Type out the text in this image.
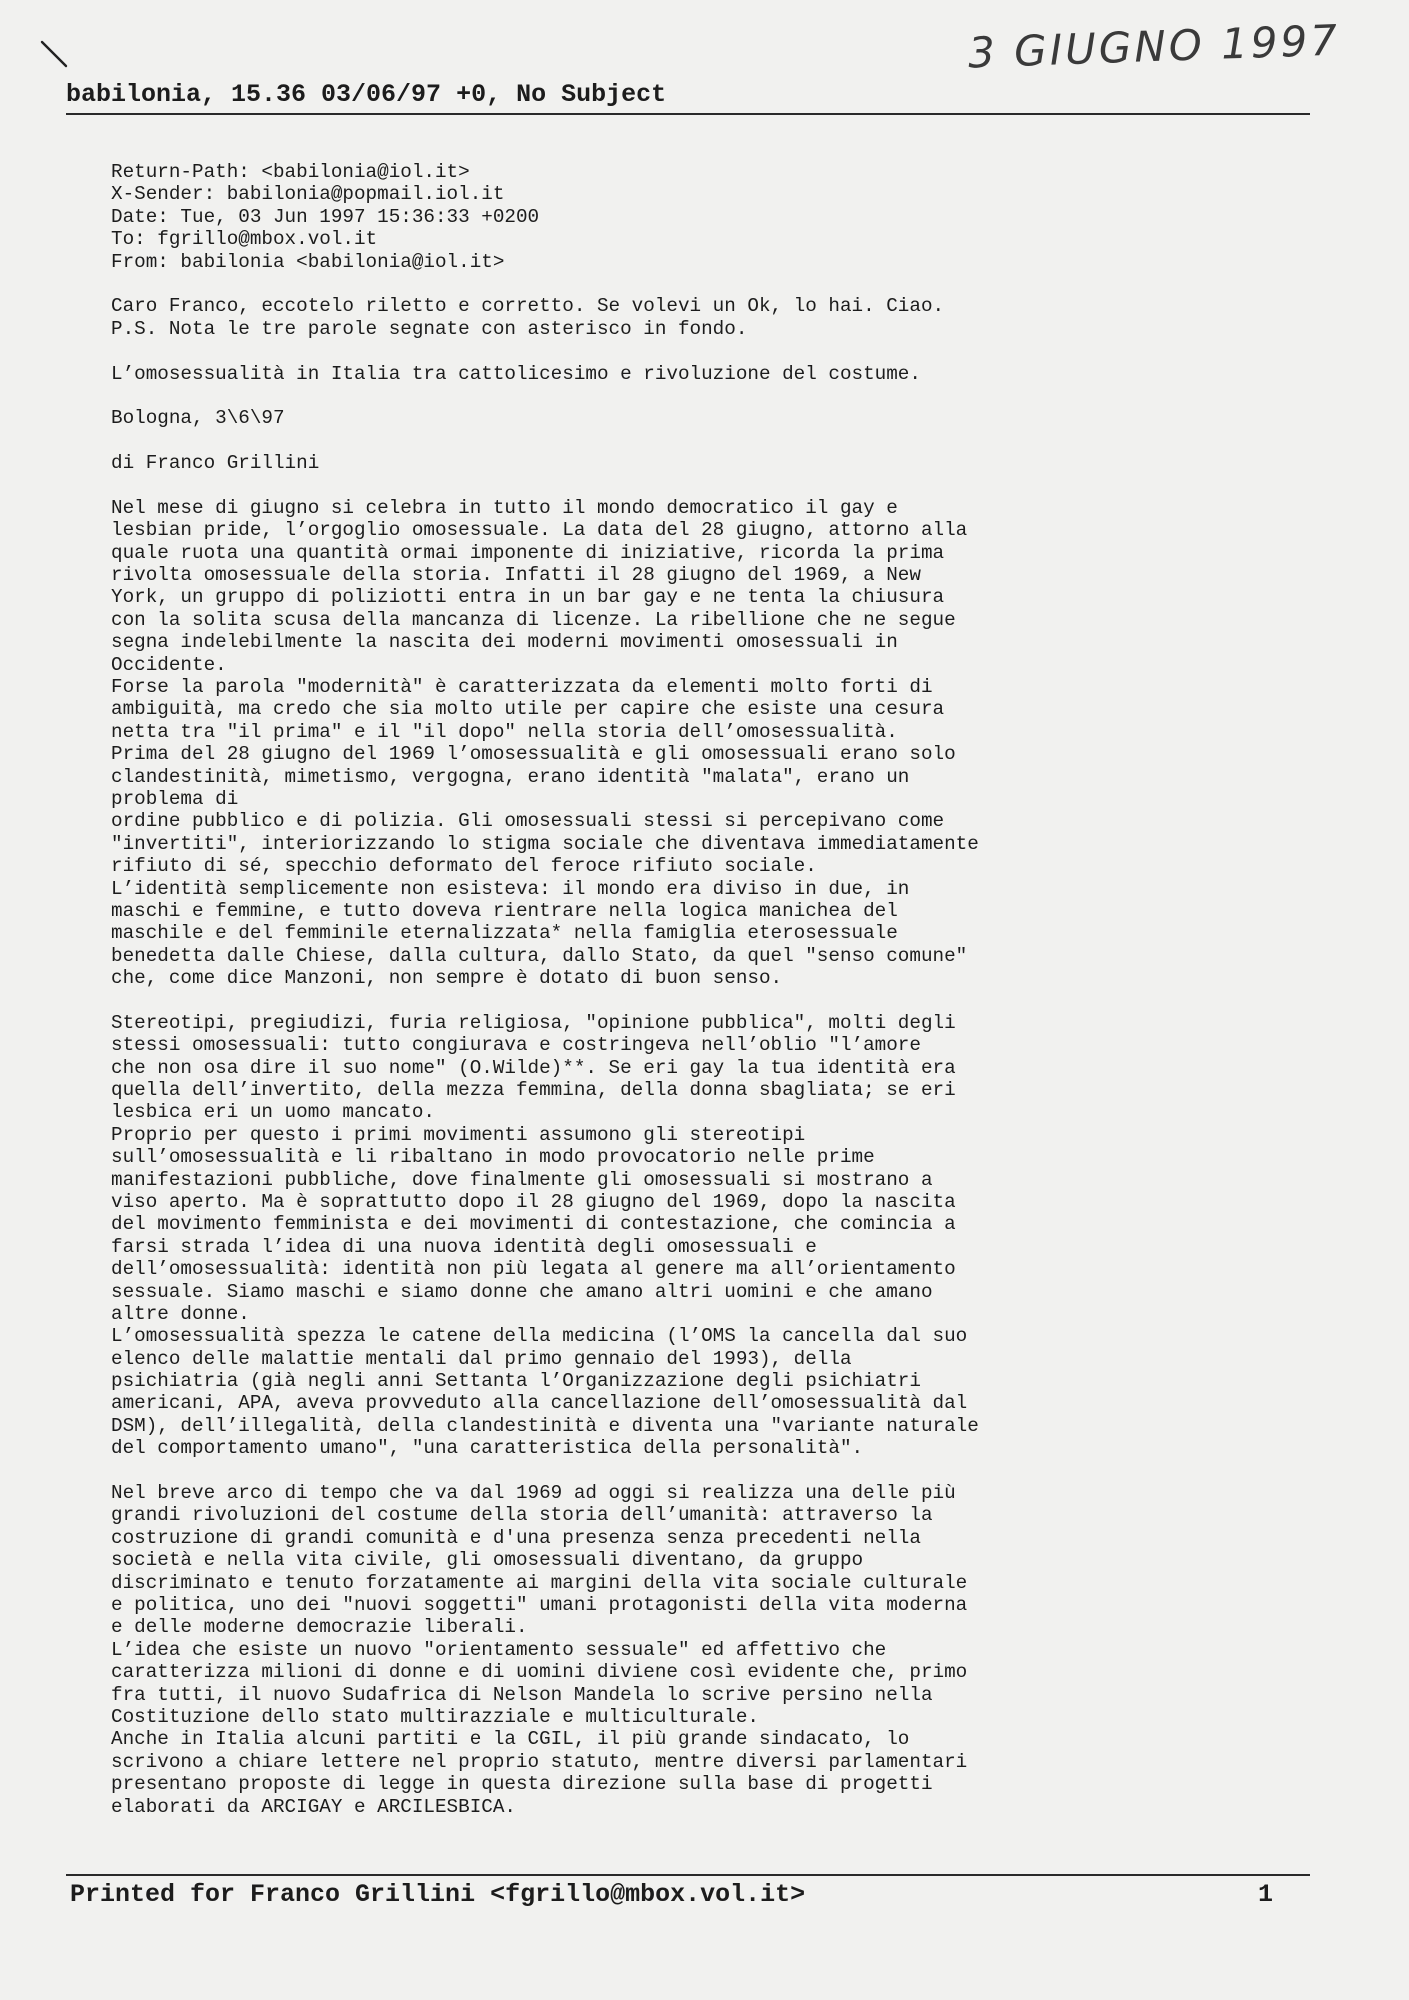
3 GIUGNO 1997
babilonia, 15.36 03/06/97 +0, No Subject
Return-Path: <babilonia@iol.it>
X-Sender: babilonia@popmail.iol.it
Date: Tue, 03 Jun 1997 15:36:33 +0200
To: fgrillo@mbox.vol.it
From: babilonia <babilonia@iol.it>
Caro Franco, eccotelo riletto e corretto. Se volevi un Ok, lo hai. Ciao.
P.S. Nota le tre parole segnate con asterisco in fondo.
L’omosessualità in Italia tra cattolicesimo e rivoluzione del costume.
Bologna, 3\6\97
di Franco Grillini
Nel mese di giugno si celebra in tutto il mondo democratico il gay e
lesbian pride, l’orgoglio omosessuale. La data del 28 giugno, attorno alla
quale ruota una quantità ormai imponente di iniziative, ricorda la prima
rivolta omosessuale della storia. Infatti il 28 giugno del 1969, a New
York, un gruppo di poliziotti entra in un bar gay e ne tenta la chiusura
con la solita scusa della mancanza di licenze. La ribellione che ne segue
segna indelebilmente la nascita dei moderni movimenti omosessuali in
Occidente.
Forse la parola "modernità" è caratterizzata da elementi molto forti di
ambiguità, ma credo che sia molto utile per capire che esiste una cesura
netta tra "il prima" e il "il dopo" nella storia dell’omosessualità.
Prima del 28 giugno del 1969 l’omosessualità e gli omosessuali erano solo
clandestinità, mimetismo, vergogna, erano identità "malata", erano un
problema di
ordine pubblico e di polizia. Gli omosessuali stessi si percepivano come
"invertiti", interiorizzando lo stigma sociale che diventava immediatamente
rifiuto di sé, specchio deformato del feroce rifiuto sociale.
L’identità semplicemente non esisteva: il mondo era diviso in due, in
maschi e femmine, e tutto doveva rientrare nella logica manichea del
maschile e del femminile eternalizzata* nella famiglia eterosessuale
benedetta dalle Chiese, dalla cultura, dallo Stato, da quel "senso comune"
che, come dice Manzoni, non sempre è dotato di buon senso.
Stereotipi, pregiudizi, furia religiosa, "opinione pubblica", molti degli
stessi omosessuali: tutto congiurava e costringeva nell’oblio "l’amore
che non osa dire il suo nome" (O.Wilde)**. Se eri gay la tua identità era
quella dell’invertito, della mezza femmina, della donna sbagliata; se eri
lesbica eri un uomo mancato.
Proprio per questo i primi movimenti assumono gli stereotipi
sull’omosessualità e li ribaltano in modo provocatorio nelle prime
manifestazioni pubbliche, dove finalmente gli omosessuali si mostrano a
viso aperto. Ma è soprattutto dopo il 28 giugno del 1969, dopo la nascita
del movimento femminista e dei movimenti di contestazione, che comincia a
farsi strada l’idea di una nuova identità degli omosessuali e
dell’omosessualità: identità non più legata al genere ma all’orientamento
sessuale. Siamo maschi e siamo donne che amano altri uomini e che amano
altre donne.
L’omosessualità spezza le catene della medicina (l’OMS la cancella dal suo
elenco delle malattie mentali dal primo gennaio del 1993), della
psichiatria (già negli anni Settanta l’Organizzazione degli psichiatri
americani, APA, aveva provveduto alla cancellazione dell’omosessualità dal
DSM), dell’illegalità, della clandestinità e diventa una "variante naturale
del comportamento umano", "una caratteristica della personalità".
Nel breve arco di tempo che va dal 1969 ad oggi si realizza una delle più
grandi rivoluzioni del costume della storia dell’umanità: attraverso la
costruzione di grandi comunità e d'una presenza senza precedenti nella
società e nella vita civile, gli omosessuali diventano, da gruppo
discriminato e tenuto forzatamente ai margini della vita sociale culturale
e politica, uno dei "nuovi soggetti" umani protagonisti della vita moderna
e delle moderne democrazie liberali.
L’idea che esiste un nuovo "orientamento sessuale" ed affettivo che
caratterizza milioni di donne e di uomini diviene così evidente che, primo
fra tutti, il nuovo Sudafrica di Nelson Mandela lo scrive persino nella
Costituzione dello stato multirazziale e multiculturale.
Anche in Italia alcuni partiti e la CGIL, il più grande sindacato, lo
scrivono a chiare lettere nel proprio statuto, mentre diversi parlamentari
presentano proposte di legge in questa direzione sulla base di progetti
elaborati da ARCIGAY e ARCILESBICA.
Printed for Franco Grillini <fgrillo@mbox.vol.it>	1
